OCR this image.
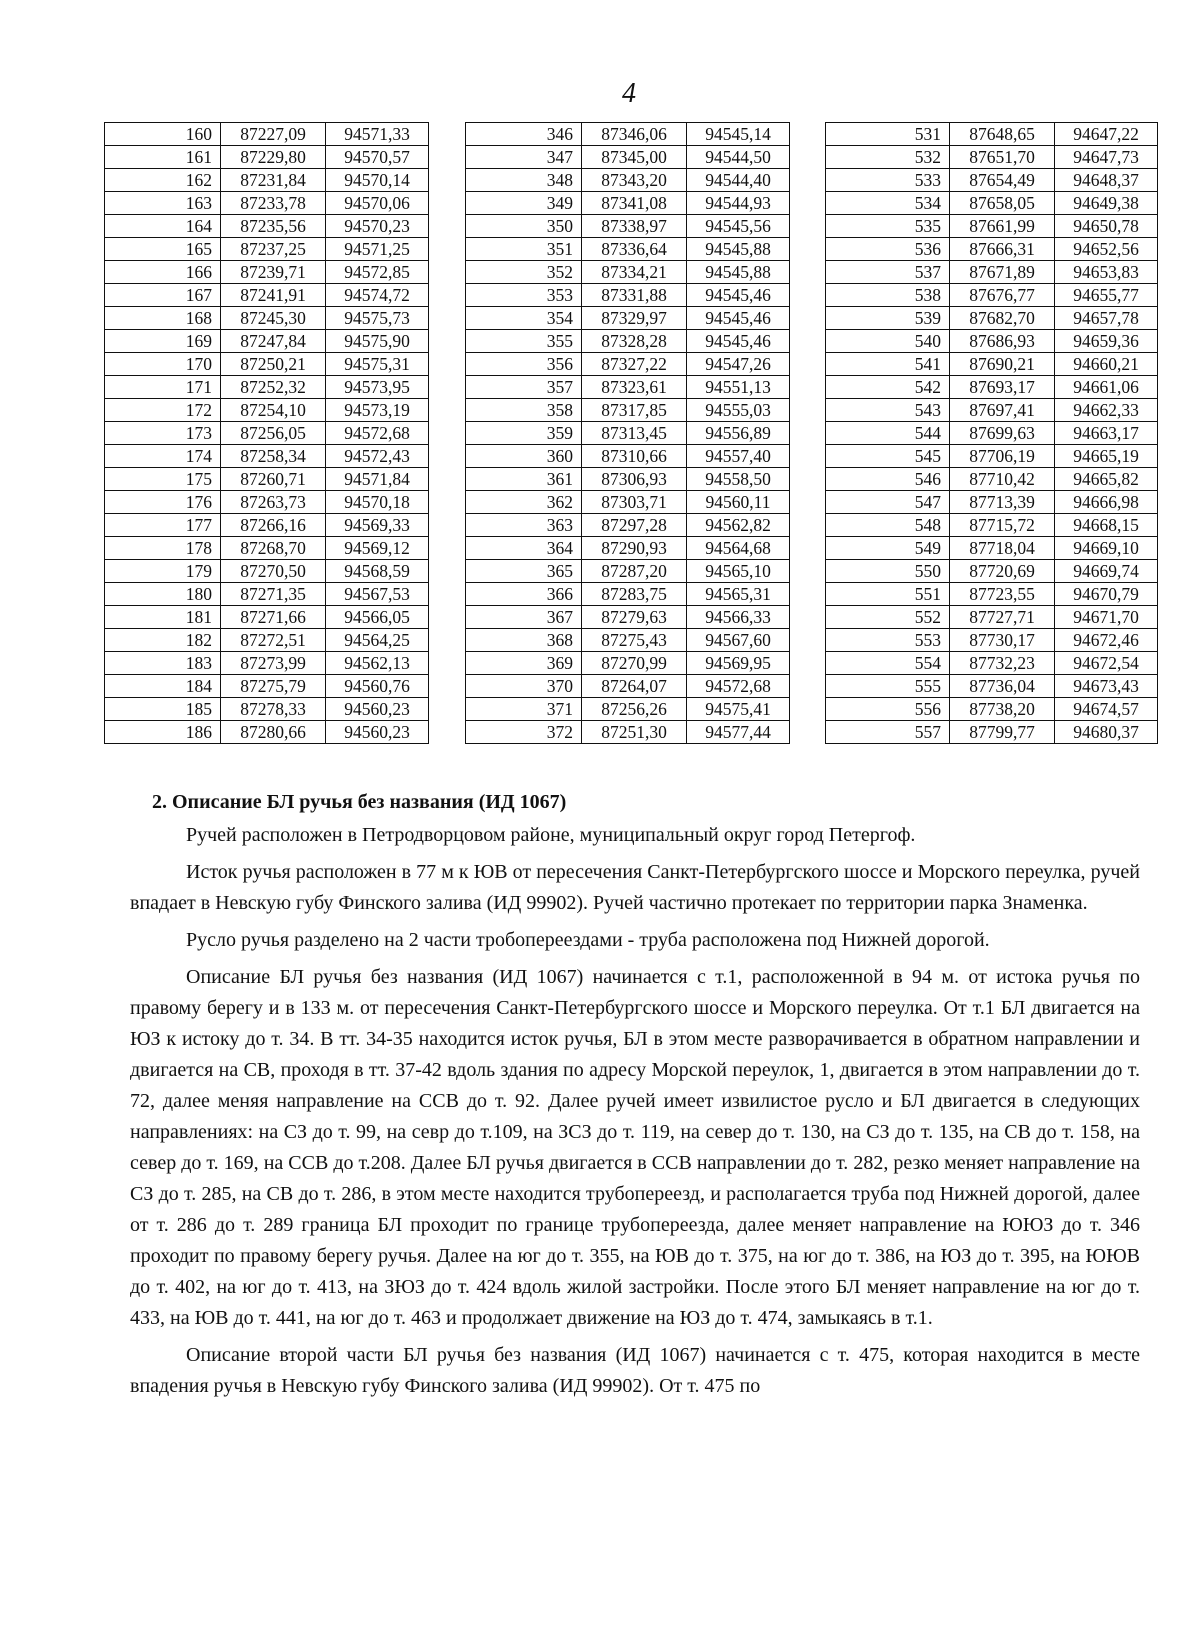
4
160	87227,09	94571,33
161	87229,80	94570,57
162	87231,84	94570,14
163	87233,78	94570,06
164	87235,56	94570,23
165	87237,25	94571,25
166	87239,71	94572,85
167	87241,91	94574,72
168	87245,30	94575,73
169	87247,84	94575,90
170	87250,21	94575,31
171	87252,32	94573,95
172	87254,10	94573,19
173	87256,05	94572,68
174	87258,34	94572,43
175	87260,71	94571,84
176	87263,73	94570,18
177	87266,16	94569,33
178	87268,70	94569,12
179	87270,50	94568,59
180	87271,35	94567,53
181	87271,66	94566,05
182	87272,51	94564,25
183	87273,99	94562,13
184	87275,79	94560,76
185	87278,33	94560,23
186	87280,66	94560,23
346	87346,06	94545,14
347	87345,00	94544,50
348	87343,20	94544,40
349	87341,08	94544,93
350	87338,97	94545,56
351	87336,64	94545,88
352	87334,21	94545,88
353	87331,88	94545,46
354	87329,97	94545,46
355	87328,28	94545,46
356	87327,22	94547,26
357	87323,61	94551,13
358	87317,85	94555,03
359	87313,45	94556,89
360	87310,66	94557,40
361	87306,93	94558,50
362	87303,71	94560,11
363	87297,28	94562,82
364	87290,93	94564,68
365	87287,20	94565,10
366	87283,75	94565,31
367	87279,63	94566,33
368	87275,43	94567,60
369	87270,99	94569,95
370	87264,07	94572,68
371	87256,26	94575,41
372	87251,30	94577,44
531	87648,65	94647,22
532	87651,70	94647,73
533	87654,49	94648,37
534	87658,05	94649,38
535	87661,99	94650,78
536	87666,31	94652,56
537	87671,89	94653,83
538	87676,77	94655,77
539	87682,70	94657,78
540	87686,93	94659,36
541	87690,21	94660,21
542	87693,17	94661,06
543	87697,41	94662,33
544	87699,63	94663,17
545	87706,19	94665,19
546	87710,42	94665,82
547	87713,39	94666,98
548	87715,72	94668,15
549	87718,04	94669,10
550	87720,69	94669,74
551	87723,55	94670,79
552	87727,71	94671,70
553	87730,17	94672,46
554	87732,23	94672,54
555	87736,04	94673,43
556	87738,20	94674,57
557	87799,77	94680,37
2. Описание БЛ ручья без названия (ИД 1067)

Ручей расположен в Петродворцовом районе, муниципальный округ город Петергоф.

Исток ручья расположен в 77 м к ЮВ от пересечения Санкт-Петербургского шоссе и Морского переулка, ручей впадает в Невскую губу Финского залива (ИД 99902). Ручей частично протекает по территории парка Знаменка.

Русло ручья разделено на 2 части тробопереездами - труба расположена под Нижней дорогой.

Описание БЛ ручья без названия (ИД 1067) начинается с т.1, расположенной в 94 м. от истока ручья по правому берегу и в 133 м. от пересечения Санкт-Петербургского шоссе и Морского переулка. От т.1 БЛ двигается на ЮЗ к истоку до т. 34. В тт. 34-35 находится исток ручья, БЛ в этом месте разворачивается в обратном направлении и двигается на СВ, проходя в тт. 37-42 вдоль здания по адресу Морской переулок, 1, двигается в этом направлении до т. 72, далее меняя направление на ССВ до т. 92. Далее ручей имеет извилистое русло и БЛ двигается в следующих направлениях: на СЗ до т. 99, на севр до т.109, на ЗСЗ до т. 119, на север до т. 130, на СЗ до т. 135, на СВ до т. 158, на север до т. 169, на ССВ до т.208. Далее БЛ ручья двигается в ССВ направлении до т. 282, резко меняет направление на СЗ до т. 285, на СВ до т. 286, в этом месте находится трубопереезд, и располагается труба под Нижней дорогой, далее от т. 286 до т. 289 граница БЛ проходит по границе трубопереезда, далее меняет направление на ЮЮЗ до т. 346 проходит по правому берегу ручья. Далее на юг до т. 355, на ЮВ до т. 375, на юг до т. 386, на ЮЗ до т. 395, на ЮЮВ до т. 402, на юг до т. 413, на ЗЮЗ до т. 424 вдоль жилой застройки. После этого БЛ меняет направление на юг до т. 433, на ЮВ до т. 441, на юг до т. 463 и продолжает движение на ЮЗ до т. 474, замыкаясь в т.1.

Описание второй части БЛ ручья без названия (ИД 1067) начинается с т. 475, которая находится в месте впадения ручья в Невскую губу Финского залива (ИД 99902). От т. 475 по
